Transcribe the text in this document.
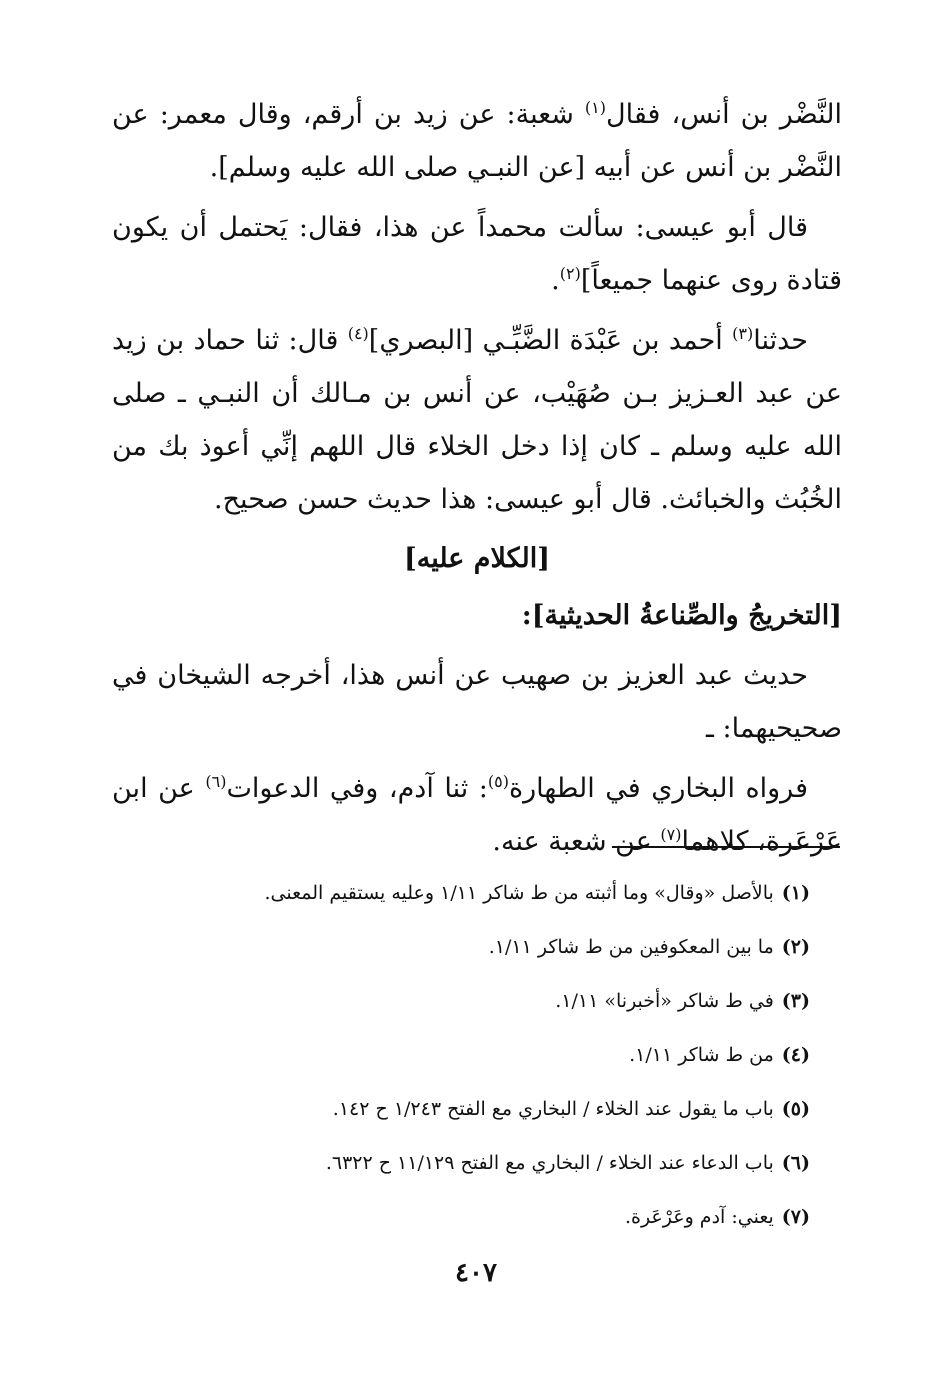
النَّضْر بن أنس، فقال$^{(١)}$ شعبة: عن زيد بن أرقم، وقال معمر: عن النَّضْر بن أنس عن أبيه [عن النبـي صلى الله عليه وسلم].

قال أبو عيسى: سألت محمداً عن هذا، فقال: يَحتمل أن يكون قتادة روى عنهما جميعاً]$^{(٢)}$.

حدثنا$^{(٣)}$ أحمد بن عَبْدَة الضَّبِّـي [البصري]$^{(٤)}$ قال: ثنا حماد بن زيد عن عبد العـزيز بـن صُهَيْب، عن أنس بن مـالك أن النبـي ـ صلى الله عليه وسلم ـ كان إذا دخل الخلاء قال اللهم إنِّي أعوذ بك من الخُبُث والخبائث. قال أبو عيسى: هذا حديث حسن صحيح.

[الكلام عليه]
[التخريجُ والصِّناعةُ الحديثية]:

حديث عبد العزيز بن صهيب عن أنس هذا، أخرجه الشيخان في صحيحيهما: ـ

فرواه البخاري في الطهارة$^{(٥)}$: ثنا آدم، وفي الدعوات$^{(٦)}$ عن ابن عَرْعَرة، كلاهما$^{(٧)}$ عن شعبة عنه.

(١)بالأصل «وقال» وما أثبته من ط شاكر ١/١١ وعليه يستقيم المعنى.

(٢)ما بين المعكوفين من ط شاكر ١/١١.

(٣)في ط شاكر «أخبرنا» ١/١١.

(٤)من ط شاكر ١/١١.

(٥)باب ما يقول عند الخلاء / البخاري مع الفتح ١/٢٤٣ ح ١٤٢.

(٦)باب الدعاء عند الخلاء / البخاري مع الفتح ١١/١٢٩ ح ٦٣٢٢.

(٧)يعني: آدم وعَرْعَرة.

٤٠٧
